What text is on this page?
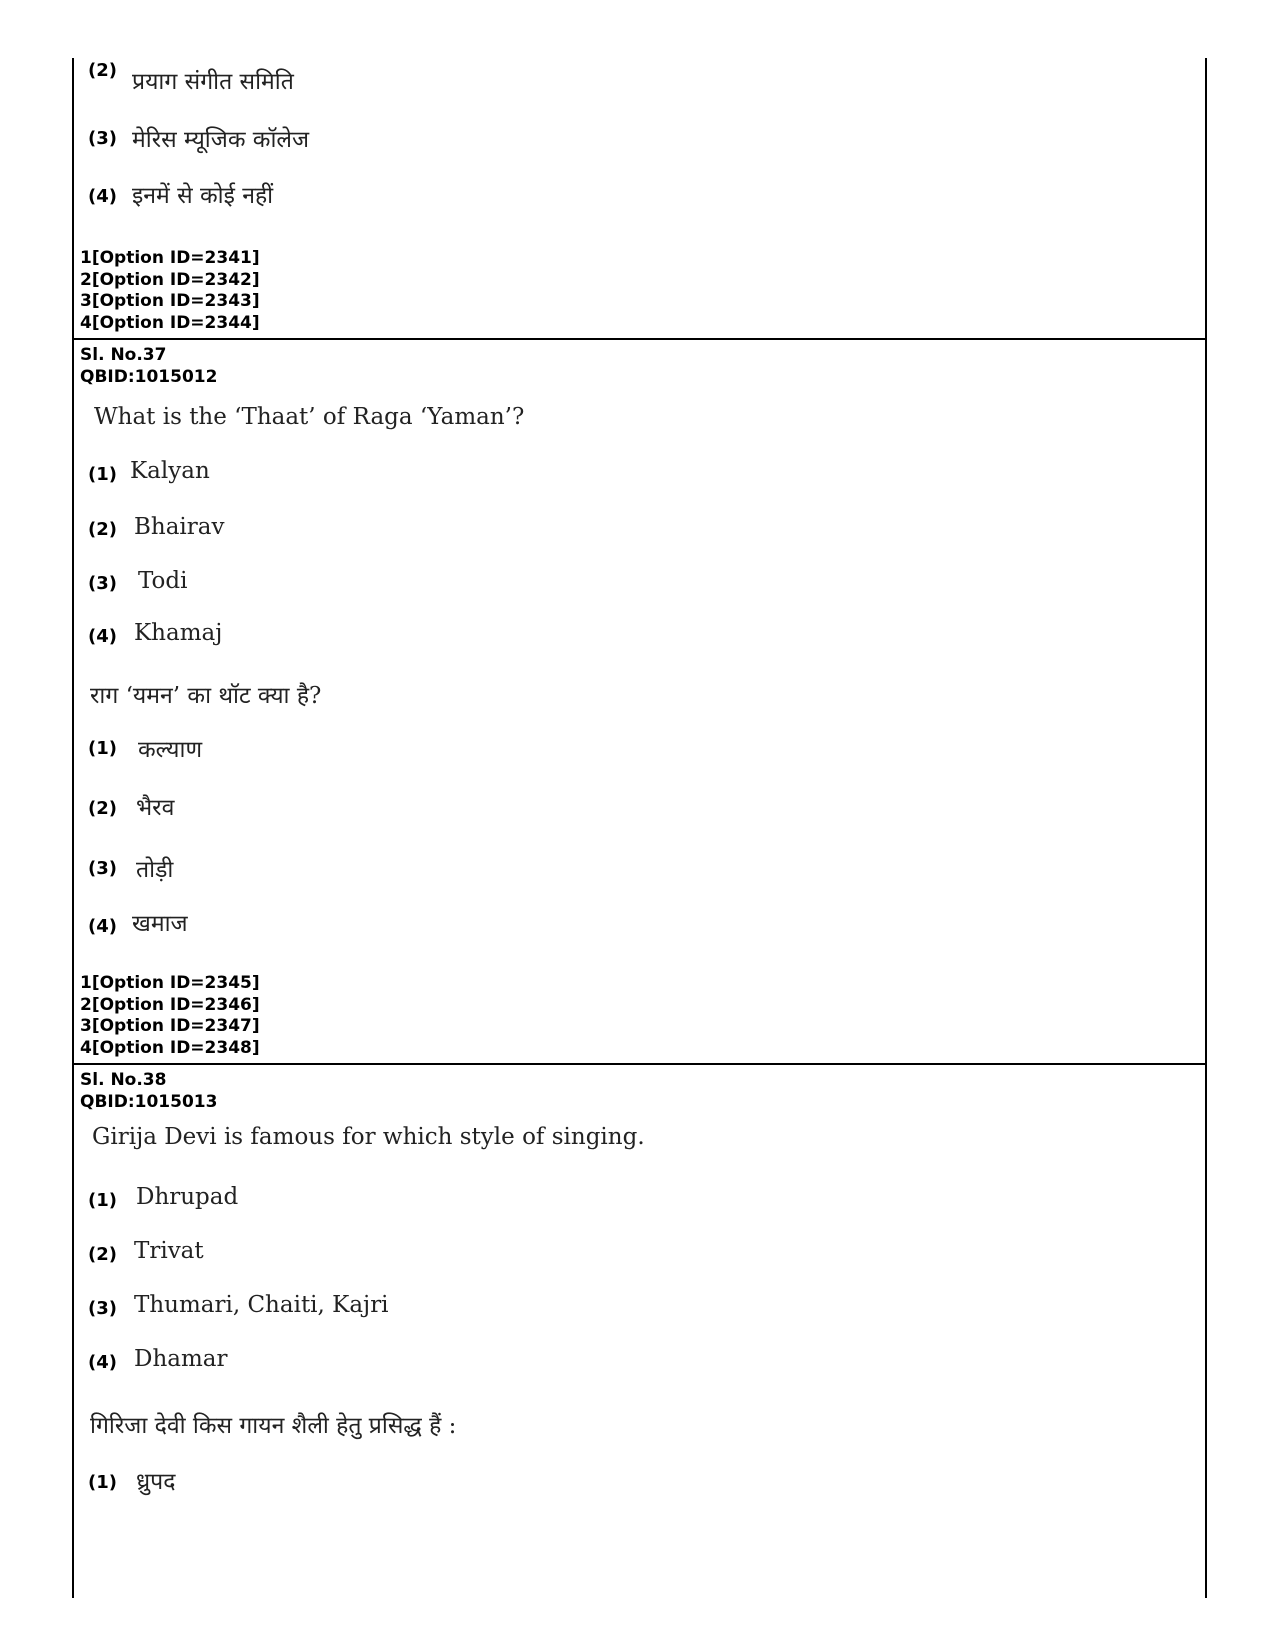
(2) प्रयाग संगीत समिति
(3) मेरिस म्यूजिक कॉलेज
(4) इनमें से कोई नहीं
1[Option ID=2341]
2[Option ID=2342]
3[Option ID=2343]
4[Option ID=2344]
Sl. No.37
QBID:1015012
What is the ‘Thaat’ of Raga ‘Yaman’?
(1) Kalyan
(2) Bhairav
(3) Todi
(4) Khamaj
राग ‘यमन’ का थॉट क्या है?
(1) कल्याण
(2) भैरव
(3) तोड़ी
(4) खमाज
1[Option ID=2345]
2[Option ID=2346]
3[Option ID=2347]
4[Option ID=2348]
Sl. No.38
QBID:1015013
Girija Devi is famous for which style of singing.
(1) Dhrupad
(2) Trivat
(3) Thumari, Chaiti, Kajri
(4) Dhamar
गिरिजा देवी किस गायन शैली हेतु प्रसिद्ध हैं :
(1) ध्रुपद
